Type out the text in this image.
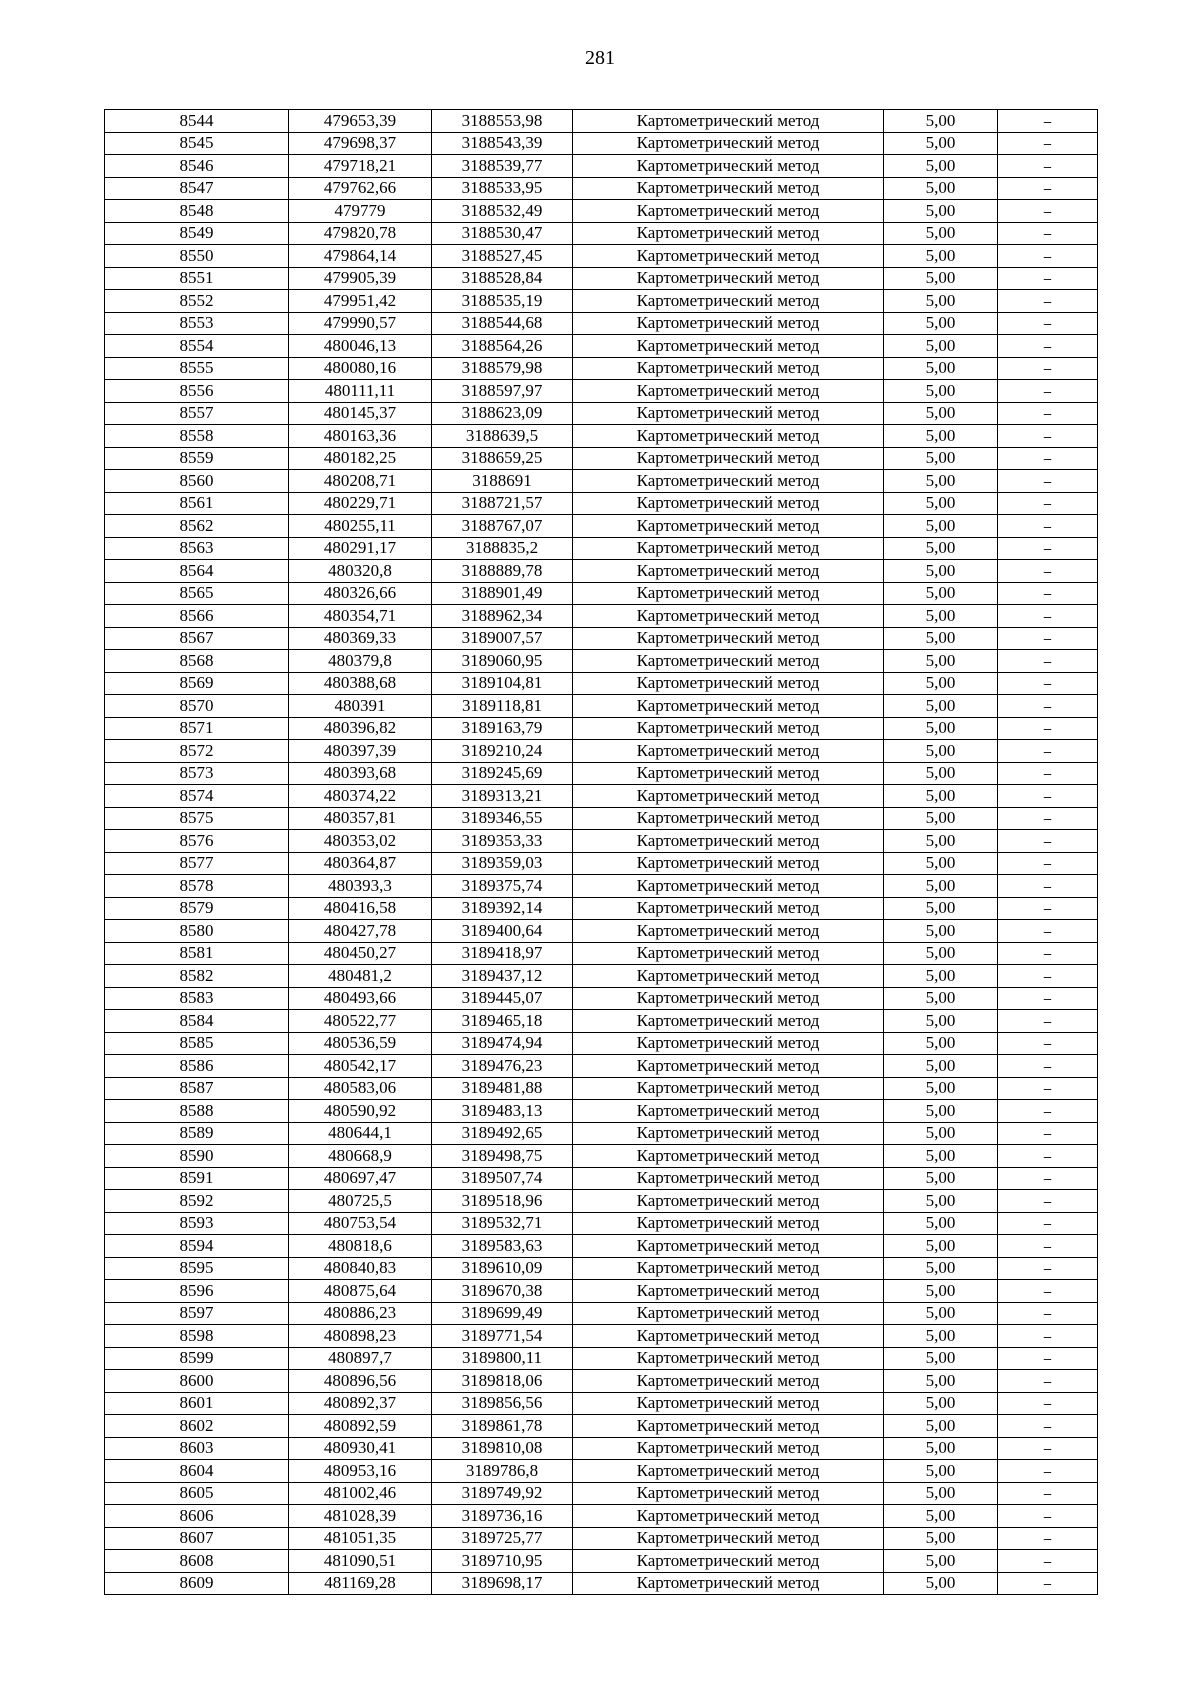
281
8544	479653,39	3188553,98	Картометрический метод	5,00	–
8545	479698,37	3188543,39	Картометрический метод	5,00	–
8546	479718,21	3188539,77	Картометрический метод	5,00	–
8547	479762,66	3188533,95	Картометрический метод	5,00	–
8548	479779	3188532,49	Картометрический метод	5,00	–
8549	479820,78	3188530,47	Картометрический метод	5,00	–
8550	479864,14	3188527,45	Картометрический метод	5,00	–
8551	479905,39	3188528,84	Картометрический метод	5,00	–
8552	479951,42	3188535,19	Картометрический метод	5,00	–
8553	479990,57	3188544,68	Картометрический метод	5,00	–
8554	480046,13	3188564,26	Картометрический метод	5,00	–
8555	480080,16	3188579,98	Картометрический метод	5,00	–
8556	480111,11	3188597,97	Картометрический метод	5,00	–
8557	480145,37	3188623,09	Картометрический метод	5,00	–
8558	480163,36	3188639,5	Картометрический метод	5,00	–
8559	480182,25	3188659,25	Картометрический метод	5,00	–
8560	480208,71	3188691	Картометрический метод	5,00	–
8561	480229,71	3188721,57	Картометрический метод	5,00	–
8562	480255,11	3188767,07	Картометрический метод	5,00	–
8563	480291,17	3188835,2	Картометрический метод	5,00	–
8564	480320,8	3188889,78	Картометрический метод	5,00	–
8565	480326,66	3188901,49	Картометрический метод	5,00	–
8566	480354,71	3188962,34	Картометрический метод	5,00	–
8567	480369,33	3189007,57	Картометрический метод	5,00	–
8568	480379,8	3189060,95	Картометрический метод	5,00	–
8569	480388,68	3189104,81	Картометрический метод	5,00	–
8570	480391	3189118,81	Картометрический метод	5,00	–
8571	480396,82	3189163,79	Картометрический метод	5,00	–
8572	480397,39	3189210,24	Картометрический метод	5,00	–
8573	480393,68	3189245,69	Картометрический метод	5,00	–
8574	480374,22	3189313,21	Картометрический метод	5,00	–
8575	480357,81	3189346,55	Картометрический метод	5,00	–
8576	480353,02	3189353,33	Картометрический метод	5,00	–
8577	480364,87	3189359,03	Картометрический метод	5,00	–
8578	480393,3	3189375,74	Картометрический метод	5,00	–
8579	480416,58	3189392,14	Картометрический метод	5,00	–
8580	480427,78	3189400,64	Картометрический метод	5,00	–
8581	480450,27	3189418,97	Картометрический метод	5,00	–
8582	480481,2	3189437,12	Картометрический метод	5,00	–
8583	480493,66	3189445,07	Картометрический метод	5,00	–
8584	480522,77	3189465,18	Картометрический метод	5,00	–
8585	480536,59	3189474,94	Картометрический метод	5,00	–
8586	480542,17	3189476,23	Картометрический метод	5,00	–
8587	480583,06	3189481,88	Картометрический метод	5,00	–
8588	480590,92	3189483,13	Картометрический метод	5,00	–
8589	480644,1	3189492,65	Картометрический метод	5,00	–
8590	480668,9	3189498,75	Картометрический метод	5,00	–
8591	480697,47	3189507,74	Картометрический метод	5,00	–
8592	480725,5	3189518,96	Картометрический метод	5,00	–
8593	480753,54	3189532,71	Картометрический метод	5,00	–
8594	480818,6	3189583,63	Картометрический метод	5,00	–
8595	480840,83	3189610,09	Картометрический метод	5,00	–
8596	480875,64	3189670,38	Картометрический метод	5,00	–
8597	480886,23	3189699,49	Картометрический метод	5,00	–
8598	480898,23	3189771,54	Картометрический метод	5,00	–
8599	480897,7	3189800,11	Картометрический метод	5,00	–
8600	480896,56	3189818,06	Картометрический метод	5,00	–
8601	480892,37	3189856,56	Картометрический метод	5,00	–
8602	480892,59	3189861,78	Картометрический метод	5,00	–
8603	480930,41	3189810,08	Картометрический метод	5,00	–
8604	480953,16	3189786,8	Картометрический метод	5,00	–
8605	481002,46	3189749,92	Картометрический метод	5,00	–
8606	481028,39	3189736,16	Картометрический метод	5,00	–
8607	481051,35	3189725,77	Картометрический метод	5,00	–
8608	481090,51	3189710,95	Картометрический метод	5,00	–
8609	481169,28	3189698,17	Картометрический метод	5,00	–
